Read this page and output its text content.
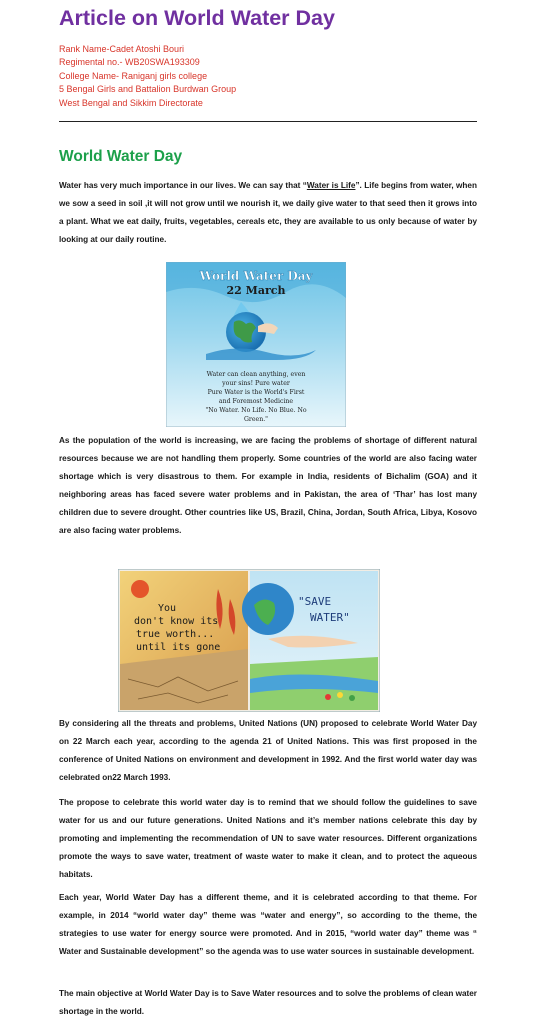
Article on World Water Day
Rank Name-Cadet Atoshi Bouri
Regimental no.- WB20SWA193309
College Name- Raniganj girls college
5 Bengal Girls and Battalion Burdwan Group
West Bengal and Sikkim Directorate
World Water Day

Water has very much importance in our lives. We can say that “Water is Life”. Life begins from water, when we sow a seed in soil ,it will not grow until we nourish it, we daily give water to that seed then it grows into a plant. What we eat daily, fruits, vegetables, cereals etc, they are available to us only because of water by looking at our daily routine.

World Water Day
22 March
Water can clean anything, even
your sins! Pure water
Pure Water is the World's First
and Foremost Medicine
"No Water. No Life. No Blue. No
Green."

As the population of the world is increasing, we are facing the problems of shortage of different natural resources because we are not handling them properly. Some countries of the world are also facing water shortage which is very disastrous to them. For example in India, residents of Bichalim (GOA) and it neighboring areas has faced severe water problems and in Pakistan, the area of ‘Thar’ has lost many children due to severe drought. Other countries like US, Brazil, China, Jordan, South Africa, Libya, Kosovo are also facing water problems.

You
don't know its
true worth...
until its gone
"SAVE
WATER"

By considering all the threats and problems, United Nations (UN) proposed to celebrate World Water Day on 22 March each year, according to the agenda 21 of United Nations. This was first proposed in the conference of United Nations on environment and development in 1992. And the first world water day was celebrated on22 March 1993.

The propose to celebrate this world water day is to remind that we should follow the guidelines to save water for us and our future generations. United Nations and it’s member nations celebrate this day by promoting and implementing the recommendation of UN to save water resources. Different organizations promote the ways to save water, treatment of waste water to make it clean, and to protect the aqueous habitats.

Each year, World Water Day has a different theme, and it is celebrated according to that theme. For example, in 2014 “world water day” theme was “water and energy”, so according to the theme, the strategies to use water for energy source were promoted. And in 2015, “world water day” theme was “ Water and Sustainable development” so the agenda was to use water sources in sustainable development.

The main objective at World Water Day is to Save Water resources and to solve the problems of clean water shortage in the world.
